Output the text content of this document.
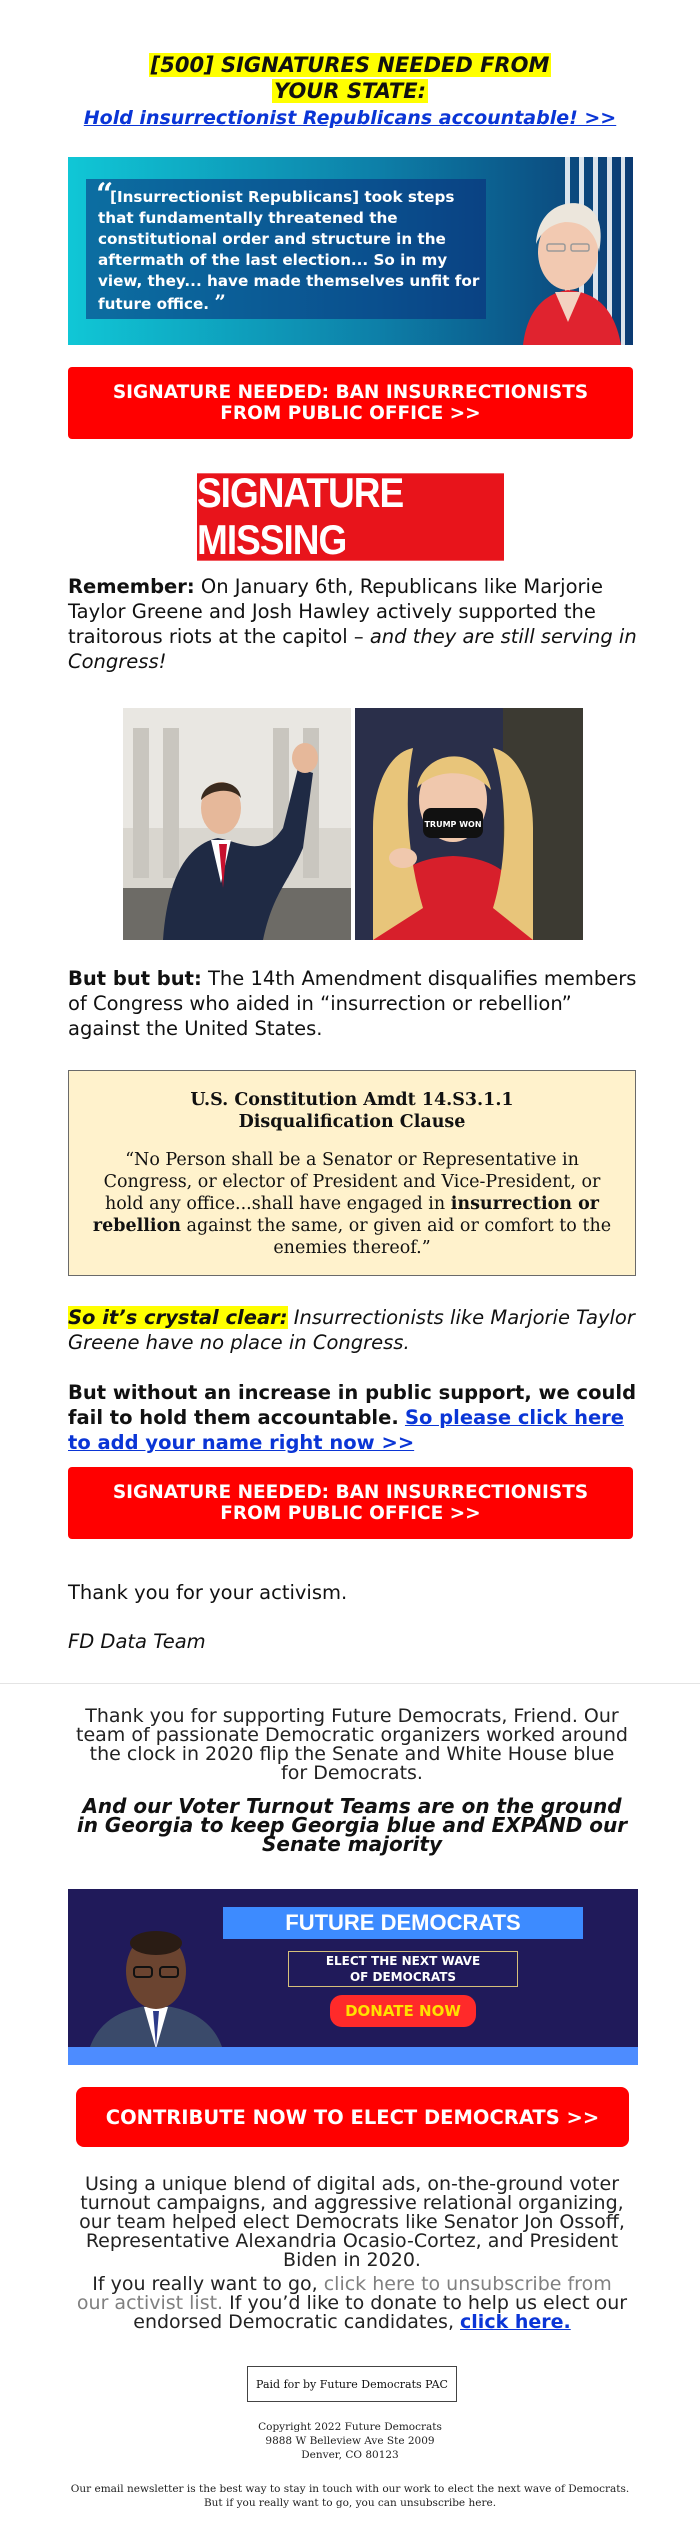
[500] SIGNATURES NEEDED FROM
YOUR STATE:
Hold insurrectionist Republicans accountable! >>
“
[Insurrectionist Republicans] took steps that fundamentally threatened the constitutional order and structure in the aftermath of the last election... So in my view, they... have made themselves unfit for future office. ”
SIGNATURE NEEDED: BAN INSURRECTIONISTS
FROM PUBLIC OFFICE >>
SIGNATURE MISSING
Remember: On January 6th, Republicans like Marjorie Taylor Greene and Josh Hawley actively supported the traitorous riots at the capitol – and they are still serving in Congress!
TRUMP WON
But but but: The 14th Amendment disqualifies members of Congress who aided in “insurrection or rebellion” against the United States.
U.S. Constitution Amdt 14.S3.1.1
Disqualification Clause
“No Person shall be a Senator or Representative in Congress, or elector of President and Vice-President, or hold any office...shall have engaged in insurrection or rebellion against the same, or given aid or comfort to the enemies thereof.”
So it’s crystal clear: Insurrectionists like Marjorie Taylor Greene have no place in Congress.
But without an increase in public support, we could fail to hold them accountable. So please click here to add your name right now >>
SIGNATURE NEEDED: BAN INSURRECTIONISTS
FROM PUBLIC OFFICE >>
Thank you for your activism.
FD Data Team
Thank you for supporting Future Democrats, Friend. Our team of passionate Democratic organizers worked around the clock in 2020 flip the Senate and White House blue for Democrats.
And our Voter Turnout Teams are on the ground in Georgia to keep Georgia blue and EXPAND our Senate majority
FUTURE DEMOCRATS
ELECT THE NEXT WAVE
OF DEMOCRATS
DONATE NOW
CONTRIBUTE NOW TO ELECT DEMOCRATS >>
Using a unique blend of digital ads, on-the-ground voter turnout campaigns, and aggressive relational organizing, our team helped elect Democrats like Senator Jon Ossoff, Representative Alexandria Ocasio-Cortez, and President Biden in 2020.
If you really want to go, click here to unsubscribe from our activist list. If you’d like to donate to help us elect our endorsed Democratic candidates, click here.
Paid for by Future Democrats PAC
Copyright 2022 Future Democrats
9888 W Belleview Ave Ste 2009
Denver, CO 80123
Our email newsletter is the best way to stay in touch with our work to elect the next wave of Democrats.
But if you really want to go, you can unsubscribe here.
